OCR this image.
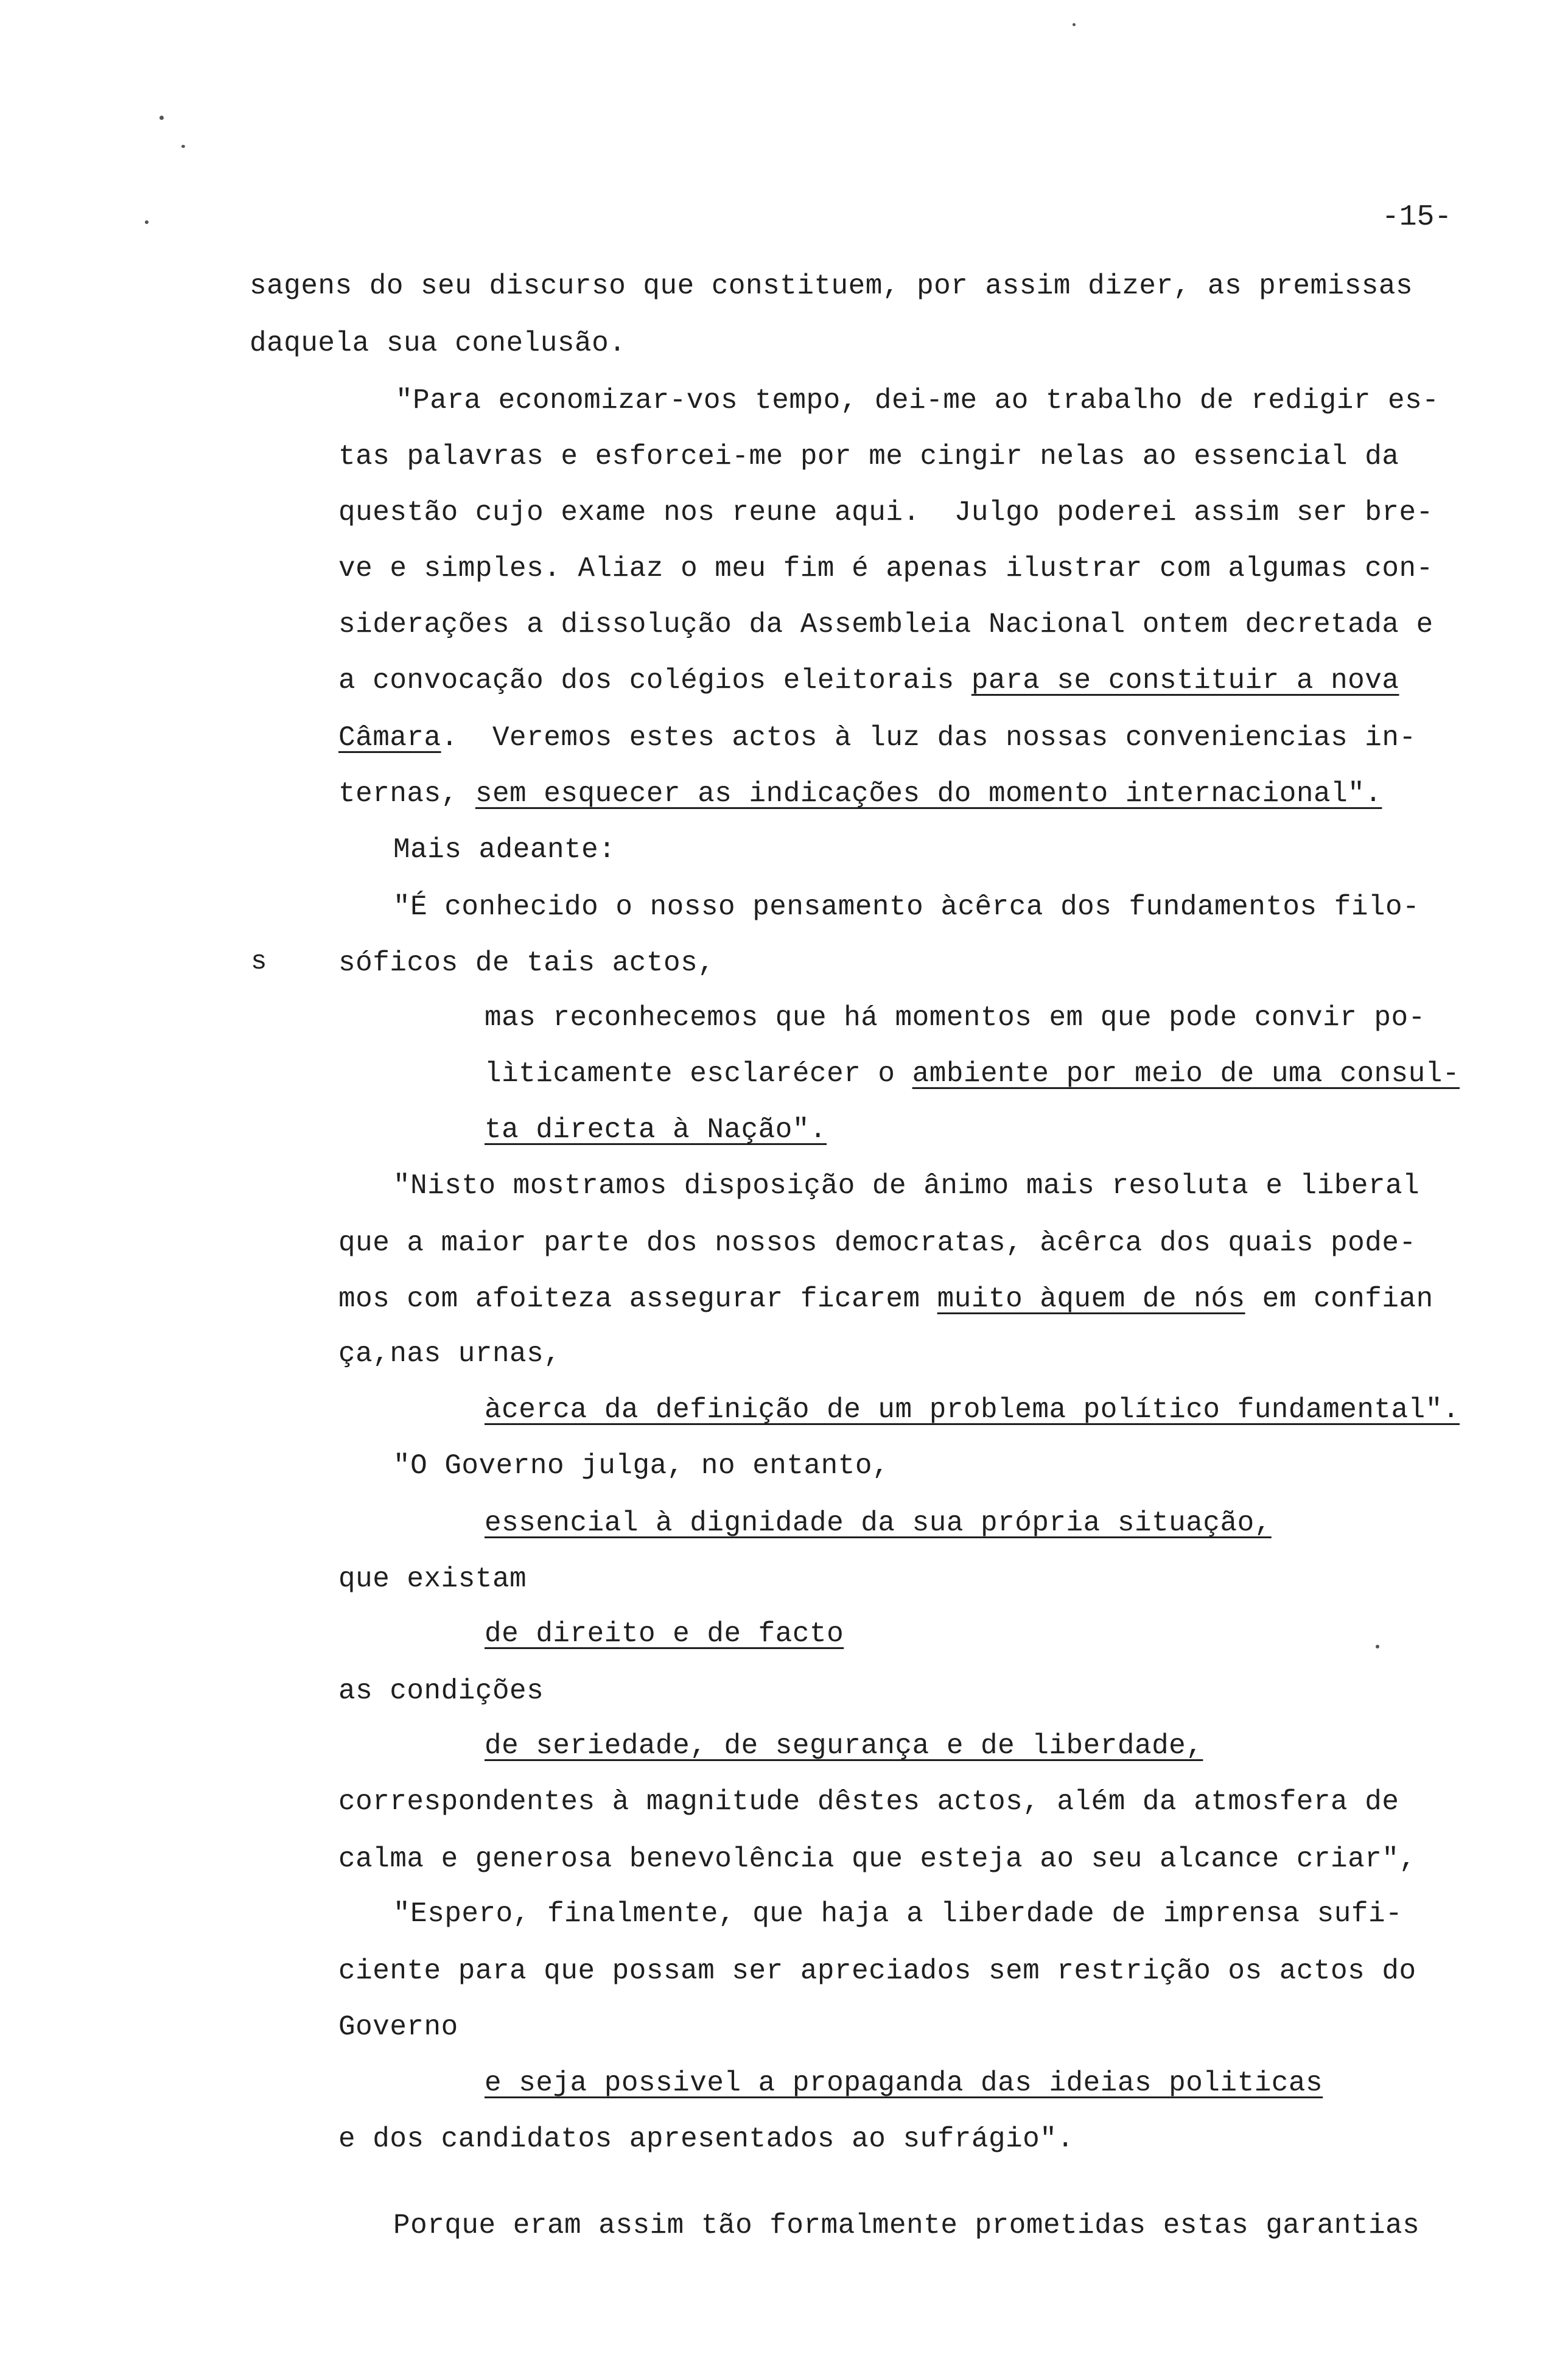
-15-
s

sagens do seu discurso que constituem, por assim dizer, as premissas

daquela sua conelusão.

"Para economizar-vos tempo, dei-me ao trabalho de redigir es-

tas palavras e esforcei-me por me cingir nelas ao essencial da

questão cujo exame nos reune aqui.  Julgo poderei assim ser bre-

ve e simples. Aliaz o meu fim é apenas ilustrar com algumas con-

siderações a dissolução da Assembleia Nacional ontem decretada e

a convocação dos colégios eleitorais para se constituir a nova

Câmara.  Veremos estes actos à luz das nossas conveniencias in-

ternas, sem esquecer as indicações do momento internacional".

Mais adeante:

"É conhecido o nosso pensamento àcêrca dos fundamentos filo-

sóficos de tais actos,

mas reconhecemos que há momentos em que pode convir po-

lìticamente esclarécer o ambiente por meio de uma consul-

ta directa à Nação".

"Nisto mostramos disposição de ânimo mais resoluta e liberal

que a maior parte dos nossos democratas, àcêrca dos quais pode-

mos com afoiteza assegurar ficarem muito àquem de nós em confian

ça,nas urnas,

àcerca da definição de um problema político fundamental".

"O Governo julga, no entanto,

essencial à dignidade da sua própria situação,

que existam

de direito e de facto

as condições

de seriedade, de segurança e de liberdade,

correspondentes à magnitude dêstes actos, além da atmosfera de

calma e generosa benevolência que esteja ao seu alcance criar",

"Espero, finalmente, que haja a liberdade de imprensa sufi-

ciente para que possam ser apreciados sem restrição os actos do

Governo

e seja possivel a propaganda das ideias politicas

e dos candidatos apresentados ao sufrágio".

Porque eram assim tão formalmente prometidas estas garantias
